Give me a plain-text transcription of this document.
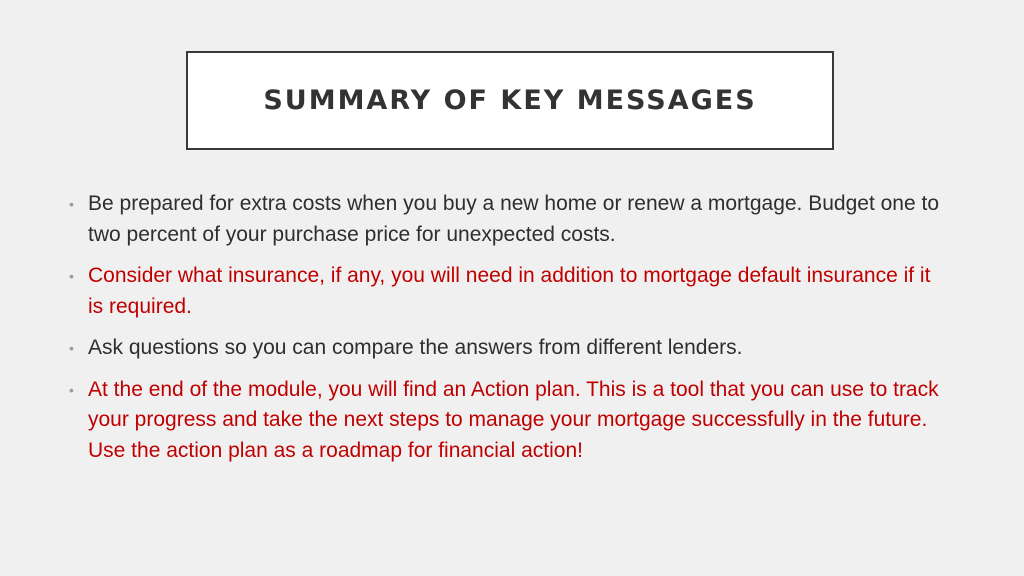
SUMMARY OF KEY MESSAGES
• Be prepared for extra costs when you buy a new home or renew a mortgage. Budget one to two percent of your purchase price for unexpected costs.
• Consider what insurance, if any, you will need in addition to mortgage default insurance if it is required.
• Ask questions so you can compare the answers from different lenders.
• At the end of the module, you will find an Action plan. This is a tool that you can use to track your progress and take the next steps to manage your mortgage successfully in the future. Use the action plan as a roadmap for financial action!
